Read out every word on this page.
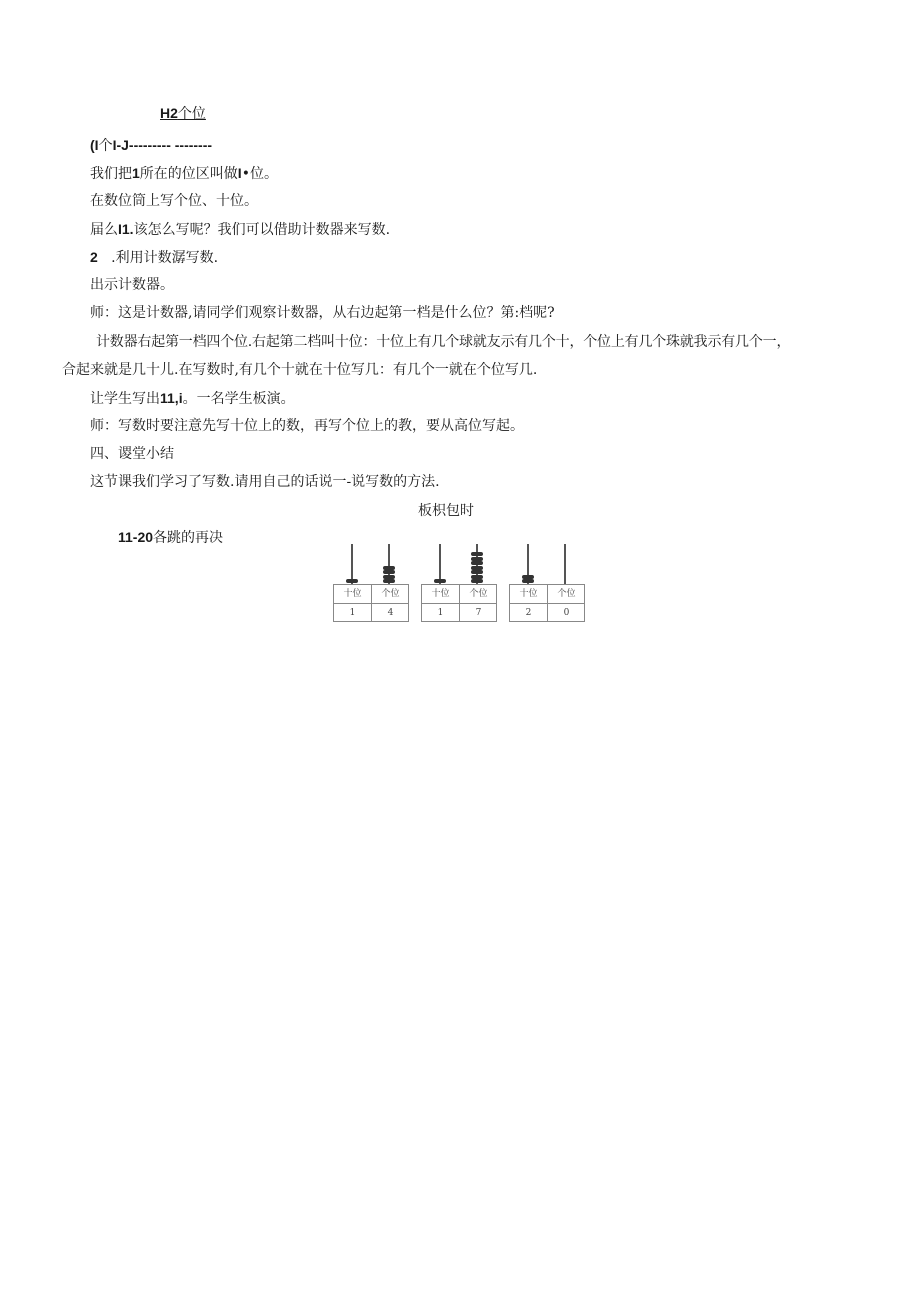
H2个位
(I个I-J--------- --------
我们把1所在的位区叫做I•位。
在数位筒上写个位、十位。
届么I1.该怎么写呢？我们可以借助计数器来写数.
2   .利用计数潺写数.
出示计数器。
师：这是计数器,请同学们观察计数器，从右边起第一档是什么位？第:档呢?
计数器右起第一档四个位.右起第二档叫十位：十位上有几个球就友示有几个十，个位上有几个珠就我示有几个一，
合起来就是几十儿.在写数时,有几个十就在十位写几：有几个一就在个位写几.
让学生写出11,i。一名学生板演。
师：写数时要注意先写十位上的数，再写个位上的教，要从高位写起。
四、谡堂小结
这节课我们学习了写数.请用自己的话说一-说写数的方法.
板枳包时
11-20各跳的再决
十位	个位
1	4
十位	个位
1	7
十位	个位
2	0
